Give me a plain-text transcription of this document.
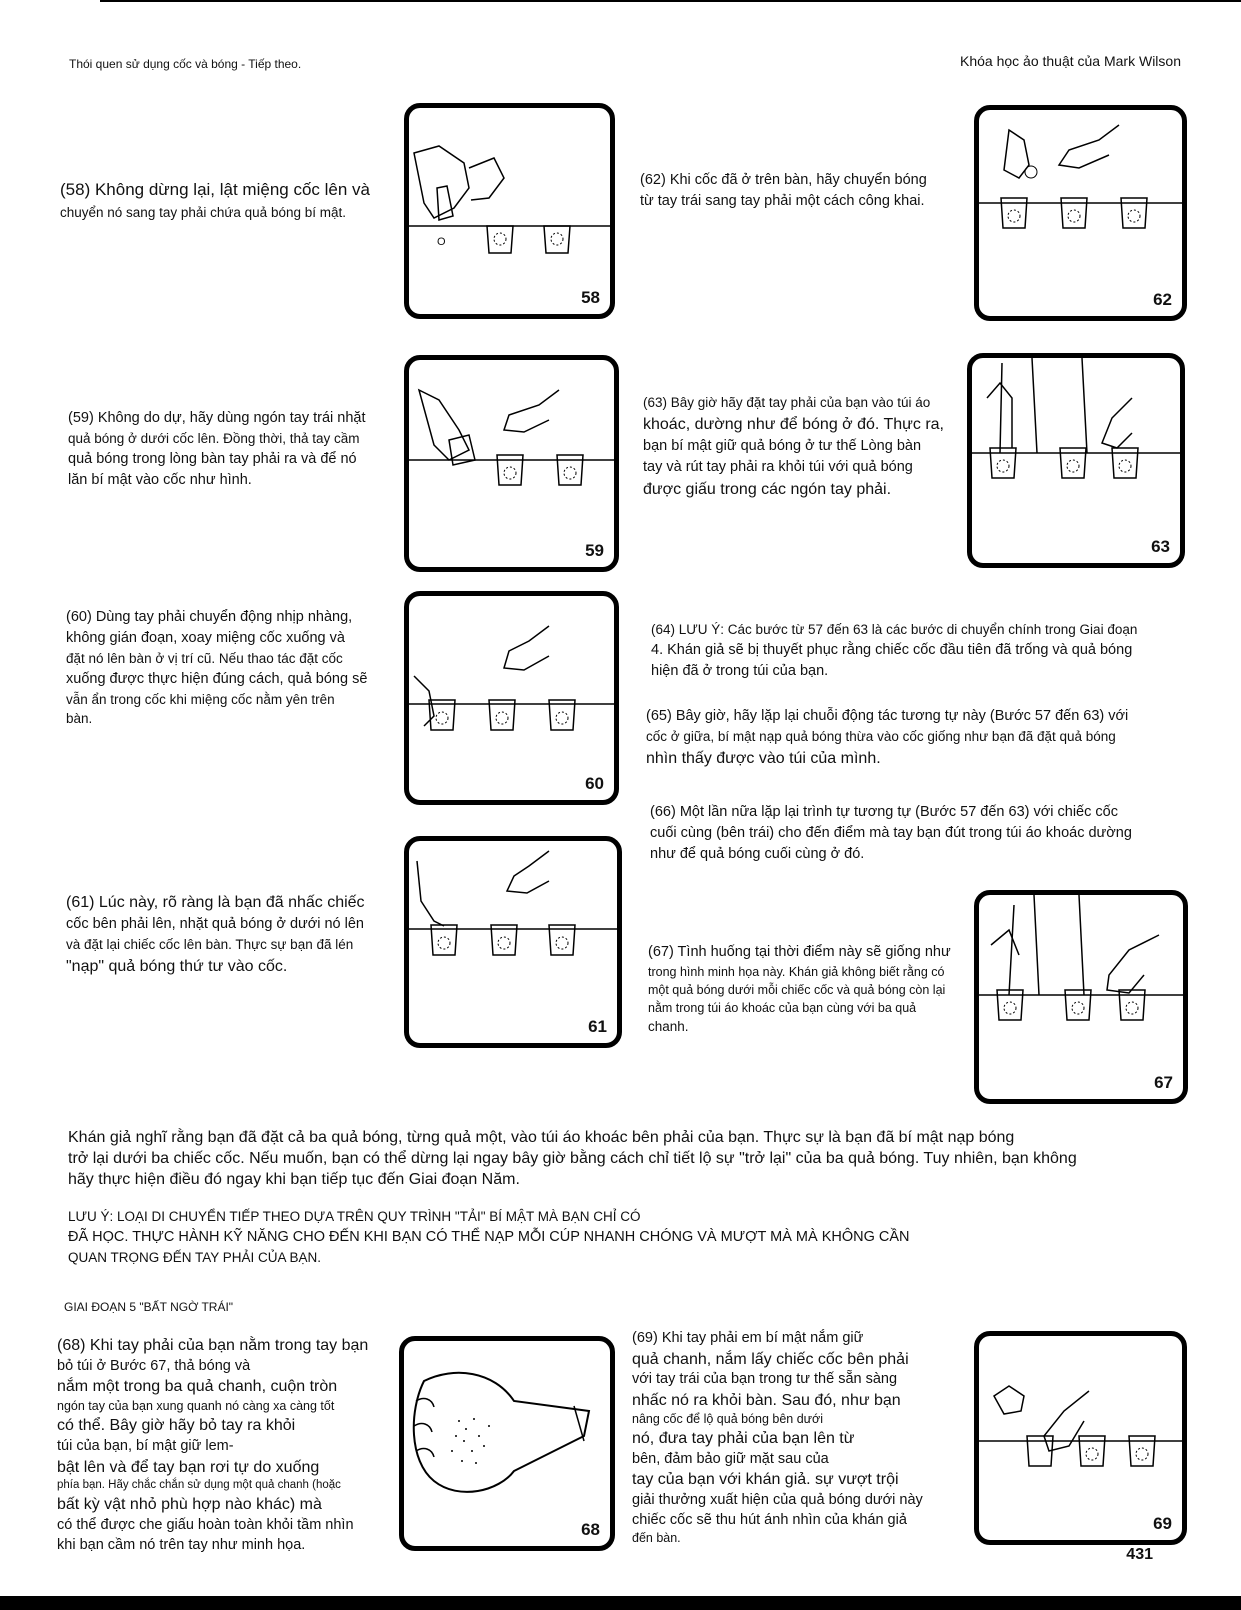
Thói quen sử dụng cốc và bóng - Tiếp theo.	Khóa học ảo thuật của Mark Wilson
(58) Không dừng lại, lật miệng cốc lên và
chuyển nó sang tay phải chứa quả bóng bí mật.
O
58
(62) Khi cốc đã ở trên bàn, hãy chuyển bóng
từ tay trái sang tay phải một cách công khai.
62
(59) Không do dự, hãy dùng ngón tay trái nhặt
quả bóng ở dưới cốc lên. Đồng thời, thả tay cầm
quả bóng trong lòng bàn tay phải ra và để nó
lăn bí mật vào cốc như hình.
59
(63) Bây giờ hãy đặt tay phải của bạn vào túi áo
khoác, dường như để bóng ở đó. Thực ra,
bạn bí mật giữ quả bóng ở tư thế Lòng bàn
tay và rút tay phải ra khỏi túi với quả bóng
được giấu trong các ngón tay phải.
63
(60) Dùng tay phải chuyển động nhịp nhàng,
không gián đoạn, xoay miệng cốc xuống và
đặt nó lên bàn ở vị trí cũ. Nếu thao tác đặt cốc
xuống được thực hiện đúng cách, quả bóng sẽ
vẫn ẩn trong cốc khi miệng cốc nằm yên trên
bàn.
60
(64) LƯU Ý: Các bước từ 57 đến 63 là các bước di chuyển chính trong Giai đoạn
4. Khán giả sẽ bị thuyết phục rằng chiếc cốc đầu tiên đã trống và quả bóng
hiện đã ở trong túi của bạn.
(65) Bây giờ, hãy lặp lại chuỗi động tác tương tự này (Bước 57 đến 63) với
cốc ở giữa, bí mật nạp quả bóng thừa vào cốc giống như bạn đã đặt quả bóng
nhìn thấy được vào túi của mình.
(66) Một lần nữa lặp lại trình tự tương tự (Bước 57 đến 63) với chiếc cốc
cuối cùng (bên trái) cho đến điểm mà tay bạn đút trong túi áo khoác dường
như để quả bóng cuối cùng ở đó.
(61) Lúc này, rõ ràng là bạn đã nhấc chiếc
cốc bên phải lên, nhặt quả bóng ở dưới nó lên
và đặt lại chiếc cốc lên bàn. Thực sự bạn đã lén
"nạp" quả bóng thứ tư vào cốc.
61
(67) Tình huống tại thời điểm này sẽ giống như
trong hình minh họa này. Khán giả không biết rằng có
một quả bóng dưới mỗi chiếc cốc và quả bóng còn lại
nằm trong túi áo khoác của bạn cùng với ba quả
chanh.
67
Khán giả nghĩ rằng bạn đã đặt cả ba quả bóng, từng quả một, vào túi áo khoác bên phải của bạn. Thực sự là bạn đã bí mật nạp bóng
trở lại dưới ba chiếc cốc. Nếu muốn, bạn có thể dừng lại ngay bây giờ bằng cách chỉ tiết lộ sự "trở lại" của ba quả bóng. Tuy nhiên, bạn không
hãy thực hiện điều đó ngay khi bạn tiếp tục đến Giai đoạn Năm.
LƯU Ý: LOẠI DI CHUYỂN TIẾP THEO DỰA TRÊN QUY TRÌNH "TẢI" BÍ MẬT MÀ BẠN CHỈ CÓ
ĐÃ HỌC. THỰC HÀNH KỸ NĂNG CHO ĐẾN KHI BẠN CÓ THỂ NẠP MỖI CÚP NHANH CHÓNG VÀ MƯỢT MÀ MÀ KHÔNG CẦN
QUAN TRỌNG ĐẾN TAY PHẢI CỦA BẠN.
GIAI ĐOẠN 5 "BẤT NGỜ TRÁI"
(68) Khi tay phải của bạn nằm trong tay bạn
bỏ túi ở Bước 67, thả bóng và
nắm một trong ba quả chanh, cuộn tròn
ngón tay của bạn xung quanh nó càng xa càng tốt
có thể. Bây giờ hãy bỏ tay ra khỏi
túi của bạn, bí mật giữ lem-
bật lên và để tay bạn rơi tự do xuống
phía bạn. Hãy chắc chắn sử dụng một quả chanh (hoặc
bất kỳ vật nhỏ phù hợp nào khác) mà
có thể được che giấu hoàn toàn khỏi tầm nhìn
khi bạn cầm nó trên tay như minh họa.
68
(69) Khi tay phải em bí mật nắm giữ
quả chanh, nắm lấy chiếc cốc bên phải
với tay trái của bạn trong tư thế sẵn sàng
nhấc nó ra khỏi bàn. Sau đó, như bạn
nâng cốc để lộ quả bóng bên dưới
nó, đưa tay phải của bạn lên từ
bên, đảm bảo giữ mặt sau của
tay của bạn với khán giả. sự vượt trội
giải thưởng xuất hiện của quả bóng dưới này
chiếc cốc sẽ thu hút ánh nhìn của khán giả
đến bàn.
69
431
